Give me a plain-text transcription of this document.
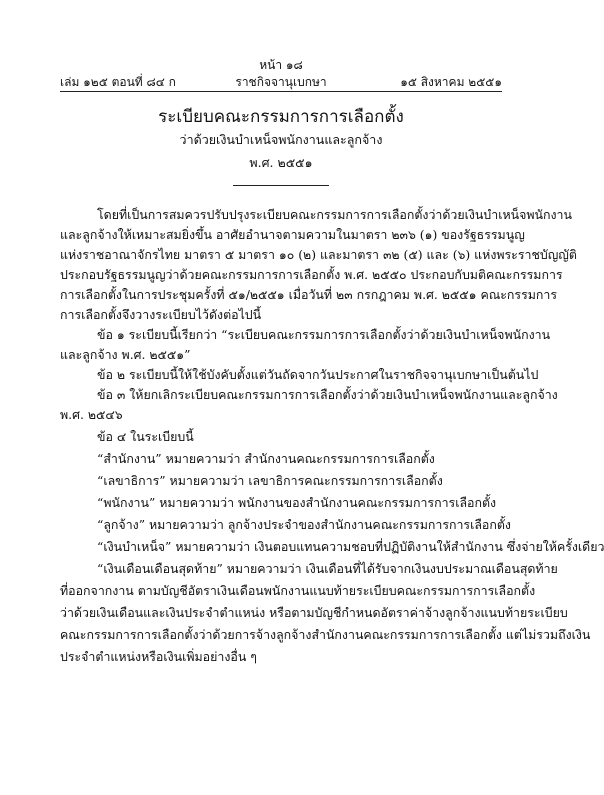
หน้า ๑๘
เล่ม ๑๒๕ ตอนที่ ๘๔ ก	ราชกิจจานุเบกษา	๑๕ สิงหาคม ๒๕๕๑
ระเบียบคณะกรรมการการเลือกตั้ง
ว่าด้วยเงินบำเหน็จพนักงานและลูกจ้าง
พ.ศ. ๒๕๕๑
โดยที่เป็นการสมควรปรับปรุงระเบียบคณะกรรมการการเลือกตั้งว่าด้วยเงินบำเหน็จพนักงาน
และลูกจ้างให้เหมาะสมยิ่งขึ้น อาศัยอำนาจตามความในมาตรา ๒๓๖ (๑) ของรัฐธรรมนูญ
แห่งราชอาณาจักรไทย มาตรา ๕ มาตรา ๑๐ (๒) และมาตรา ๓๒ (๕) และ (๖) แห่งพระราชบัญญัติ
ประกอบรัฐธรรมนูญว่าด้วยคณะกรรมการการเลือกตั้ง พ.ศ. ๒๕๕๐ ประกอบกับมติคณะกรรมการ
การเลือกตั้งในการประชุมครั้งที่ ๕๑/๒๕๕๑ เมื่อวันที่ ๒๓ กรกฎาคม พ.ศ. ๒๕๕๑ คณะกรรมการ
การเลือกตั้งจึงวางระเบียบไว้ดังต่อไปนี้
ข้อ ๑ ระเบียบนี้เรียกว่า “ระเบียบคณะกรรมการการเลือกตั้งว่าด้วยเงินบำเหน็จพนักงาน
และลูกจ้าง พ.ศ. ๒๕๕๑”
ข้อ ๒ ระเบียบนี้ให้ใช้บังคับตั้งแต่วันถัดจากวันประกาศในราชกิจจานุเบกษาเป็นต้นไป
ข้อ ๓ ให้ยกเลิกระเบียบคณะกรรมการการเลือกตั้งว่าด้วยเงินบำเหน็จพนักงานและลูกจ้าง
พ.ศ. ๒๕๔๖
ข้อ ๔ ในระเบียบนี้
“สำนักงาน” หมายความว่า สำนักงานคณะกรรมการการเลือกตั้ง
“เลขาธิการ” หมายความว่า เลขาธิการคณะกรรมการการเลือกตั้ง
“พนักงาน” หมายความว่า พนักงานของสำนักงานคณะกรรมการการเลือกตั้ง
“ลูกจ้าง” หมายความว่า ลูกจ้างประจำของสำนักงานคณะกรรมการการเลือกตั้ง
“เงินบำเหน็จ” หมายความว่า เงินตอบแทนความชอบที่ปฏิบัติงานให้สำนักงาน ซึ่งจ่ายให้ครั้งเดียว
“เงินเดือนเดือนสุดท้าย” หมายความว่า เงินเดือนที่ได้รับจากเงินงบประมาณเดือนสุดท้าย
ที่ออกจากงาน ตามบัญชีอัตราเงินเดือนพนักงานแนบท้ายระเบียบคณะกรรมการการเลือกตั้ง
ว่าด้วยเงินเดือนและเงินประจำตำแหน่ง หรือตามบัญชีกำหนดอัตราค่าจ้างลูกจ้างแนบท้ายระเบียบ
คณะกรรมการการเลือกตั้งว่าด้วยการจ้างลูกจ้างสำนักงานคณะกรรมการการเลือกตั้ง แต่ไม่รวมถึงเงิน
ประจำตำแหน่งหรือเงินเพิ่มอย่างอื่น ๆ
